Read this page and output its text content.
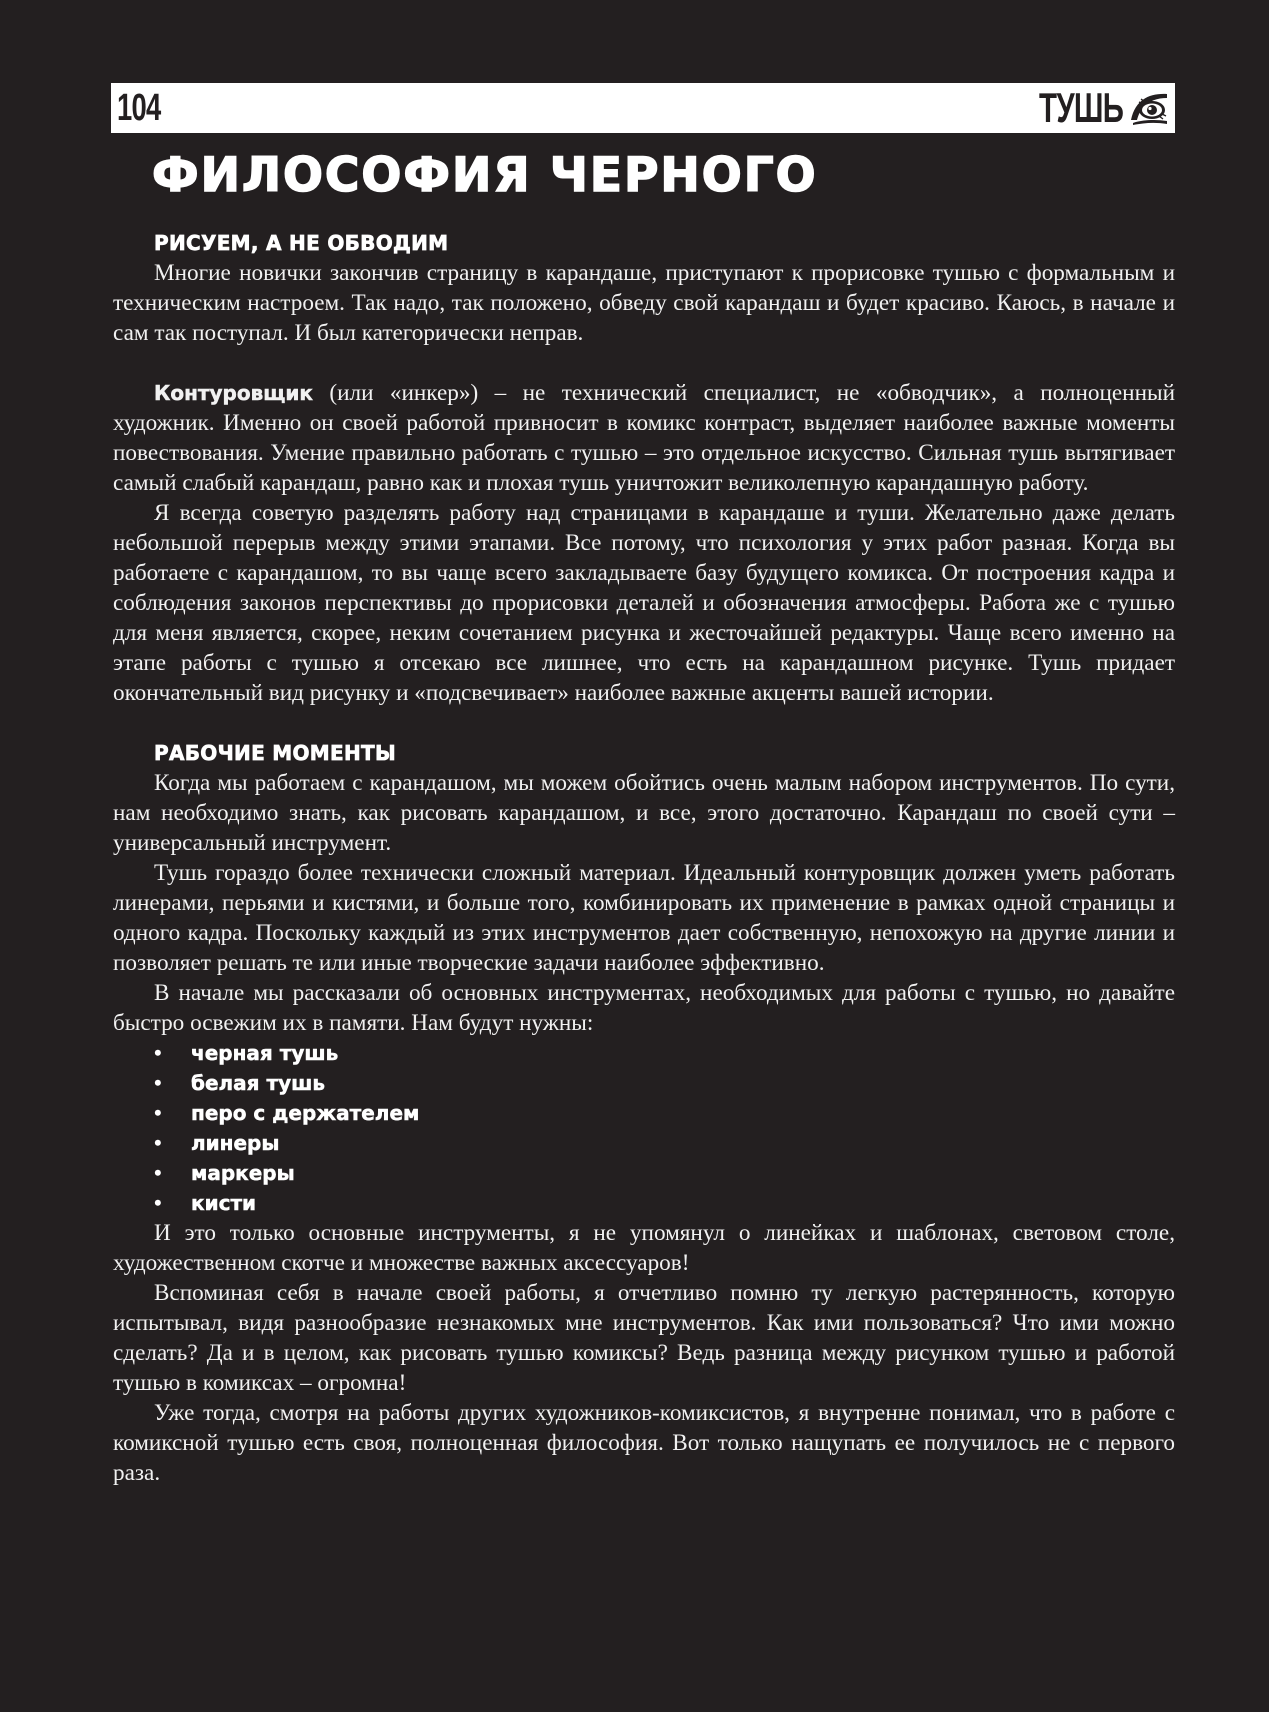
104	ТУШЬ
ФИЛОСОФИЯ ЧЕРНОГО
РИСУЕМ, А НЕ ОБВОДИМ

Многие новички закончив страницу в карандаше, приступают к прорисовке тушью с формальным и техническим настроем. Так надо, так положено, обведу свой карандаш и будет красиво. Каюсь, в начале и сам так поступал. И был категорически неправ.

Контуровщик (или «инкер») – не технический специалист, не «обводчик», а полноценный художник. Именно он своей работой привносит в комикс контраст, выделяет наиболее важные моменты повествования. Умение правильно работать с тушью – это отдельное искусство. Сильная тушь вытягивает самый слабый карандаш, равно как и плохая тушь уничтожит великолепную карандашную работу.

Я всегда советую разделять работу над страницами в карандаше и туши. Желательно даже делать небольшой перерыв между этими этапами. Все потому, что психология у этих работ разная. Когда вы работаете с карандашом, то вы чаще всего закладываете базу будущего комикса. От построения кадра и соблюдения законов перспективы до прорисовки деталей и обозначения атмосферы. Работа же с тушью для меня является, скорее, неким сочетанием рисунка и жесточайшей редактуры. Чаще всего именно на этапе работы с тушью я отсекаю все лишнее, что есть на карандашном рисунке. Тушь придает окончательный вид рисунку и «подсвечивает» наиболее важные акценты вашей истории.

РАБОЧИЕ МОМЕНТЫ

Когда мы работаем с карандашом, мы можем обойтись очень малым набором инструментов. По сути, нам необходимо знать, как рисовать карандашом, и все, этого достаточно. Карандаш по своей сути – универсальный инструмент.

Тушь гораздо более технически сложный материал. Идеальный контуровщик должен уметь работать линерами, перьями и кистями, и больше того, комбинировать их применение в рамках одной страницы и одного кадра. Поскольку каждый из этих инструментов дает собственную, непохожую на другие линии и позволяет решать те или иные творческие задачи наиболее эффективно.

В начале мы рассказали об основных инструментах, необходимых для работы с тушью, но давайте быстро освежим их в памяти. Нам будут нужны:

• черная тушь
• белая тушь
• перо с держателем
• линеры
• маркеры
• кисти

И это только основные инструменты, я не упомянул о линейках и шаблонах, световом столе, художественном скотче и множестве важных аксессуаров!

Вспоминая себя в начале своей работы, я отчетливо помню ту легкую растерянность, которую испытывал, видя разнообразие незнакомых мне инструментов. Как ими пользоваться? Что ими можно сделать? Да и в целом, как рисовать тушью комиксы? Ведь разница между рисунком тушью и работой тушью в комиксах – огромна!

Уже тогда, смотря на работы других художников-комиксистов, я внутренне понимал, что в работе с комиксной тушью есть своя, полноценная философия. Вот только нащупать ее получилось не с первого раза.
